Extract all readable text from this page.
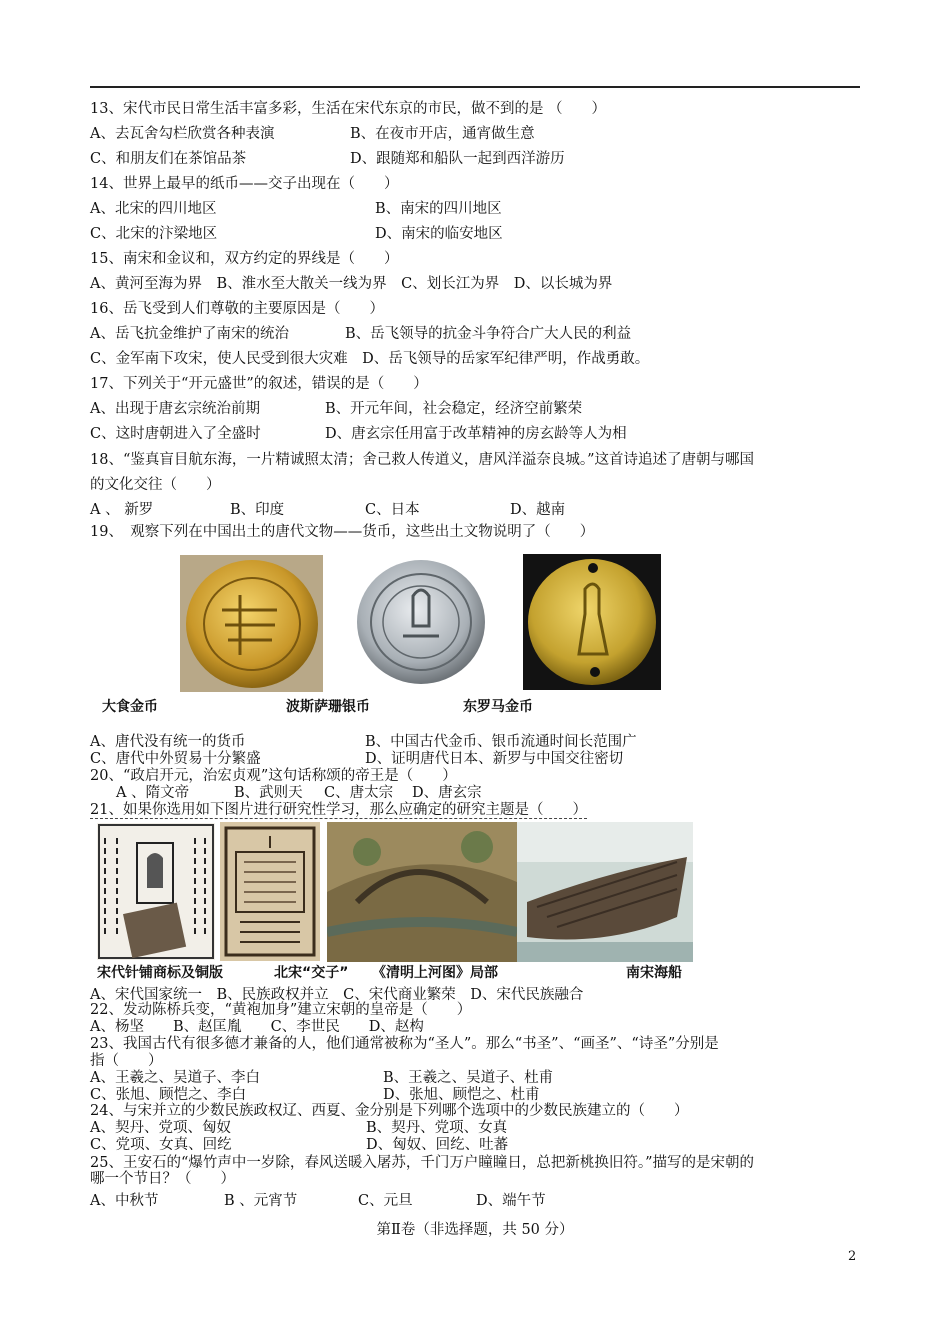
13、宋代市民日常生活丰富多彩，生活在宋代东京的市民，做不到的是 （　　）
A、去瓦舍勾栏欣赏各种表演	B、在夜市开店，通宵做生意
C、和朋友们在茶馆品茶	D、跟随郑和船队一起到西洋游历
14、世界上最早的纸币——交子出现在（　　）
A、北宋的四川地区	B、南宋的四川地区
C、北宋的汴梁地区	D、南宋的临安地区
15、南宋和金议和，双方约定的界线是（　　）
A、黄河至海为界　B、淮水至大散关一线为界　C、划长江为界　D、以长城为界
16、岳飞受到人们尊敬的主要原因是（　　）
A、岳飞抗金维护了南宋的统治	B、岳飞领导的抗金斗争符合广大人民的利益
C、金军南下攻宋，使人民受到很大灾难　D、岳飞领导的岳家军纪律严明，作战勇敢。
17、下列关于“开元盛世”的叙述，错误的是（　　）
A、出现于唐玄宗统治前期	B、开元年间，社会稳定，经济空前繁荣
C、这时唐朝进入了全盛时	D、唐玄宗任用富于改革精神的房玄龄等人为相
18、“鉴真盲目航东海，一片精诚照太清；舍己救人传道义，唐风洋溢奈良城。”这首诗追述了唐朝与哪国
的文化交往（　　）
A 、 新罗	B、印度	C、日本	D、越南
19、　观察下列在中国出土的唐代文物——货币，这些出土文物说明了（　　）
大食金币	波斯萨珊银币	东罗马金币
A、唐代没有统一的货币	B、中国古代金币、银币流通时间长范围广
C、唐代中外贸易十分繁盛	D、证明唐代日本、新罗与中国交往密切
20、“政启开元，治宏贞观”这句话称颂的帝王是（　　）
A 、隋文帝	B、武则天 C、唐太宗 D、唐玄宗
21、如果你选用如下图片进行研究性学习，那么应确定的研究主题是（　　）
宋代针铺商标及铜版	北宋“交子” 《清明上河图》局部	南宋海船
A、宋代国家统一　B、民族政权并立　C、宋代商业繁荣　D、宋代民族融合
22、发动陈桥兵变，“黄袍加身”建立宋朝的皇帝是（　　）
A、杨坚　　B、赵匡胤　　C、李世民　　D、赵构
23、我国古代有很多德才兼备的人，他们通常被称为“圣人”。那么“书圣”、“画圣”、“诗圣”分别是
指（　　）
A、王羲之、吴道子、李白	B、王羲之、吴道子、杜甫
C、张旭、顾恺之、李白	D、张旭、顾恺之、杜甫
24、与宋并立的少数民族政权辽、西夏、金分别是下列哪个选项中的少数民族建立的（　　）
A、契丹、党项、匈奴	B、契丹、党项、女真
C、党项、女真、回纥	D、匈奴、回纥、吐蕃
25、王安石的“爆竹声中一岁除，春风送暖入屠苏，千门万户瞳瞳日，总把新桃换旧符。”描写的是宋朝的
哪一个节日？（　　）
A、中秋节	B 、元宵节	C、元旦	D、端午节
第Ⅱ卷（非选择题，共 50 分）
2
